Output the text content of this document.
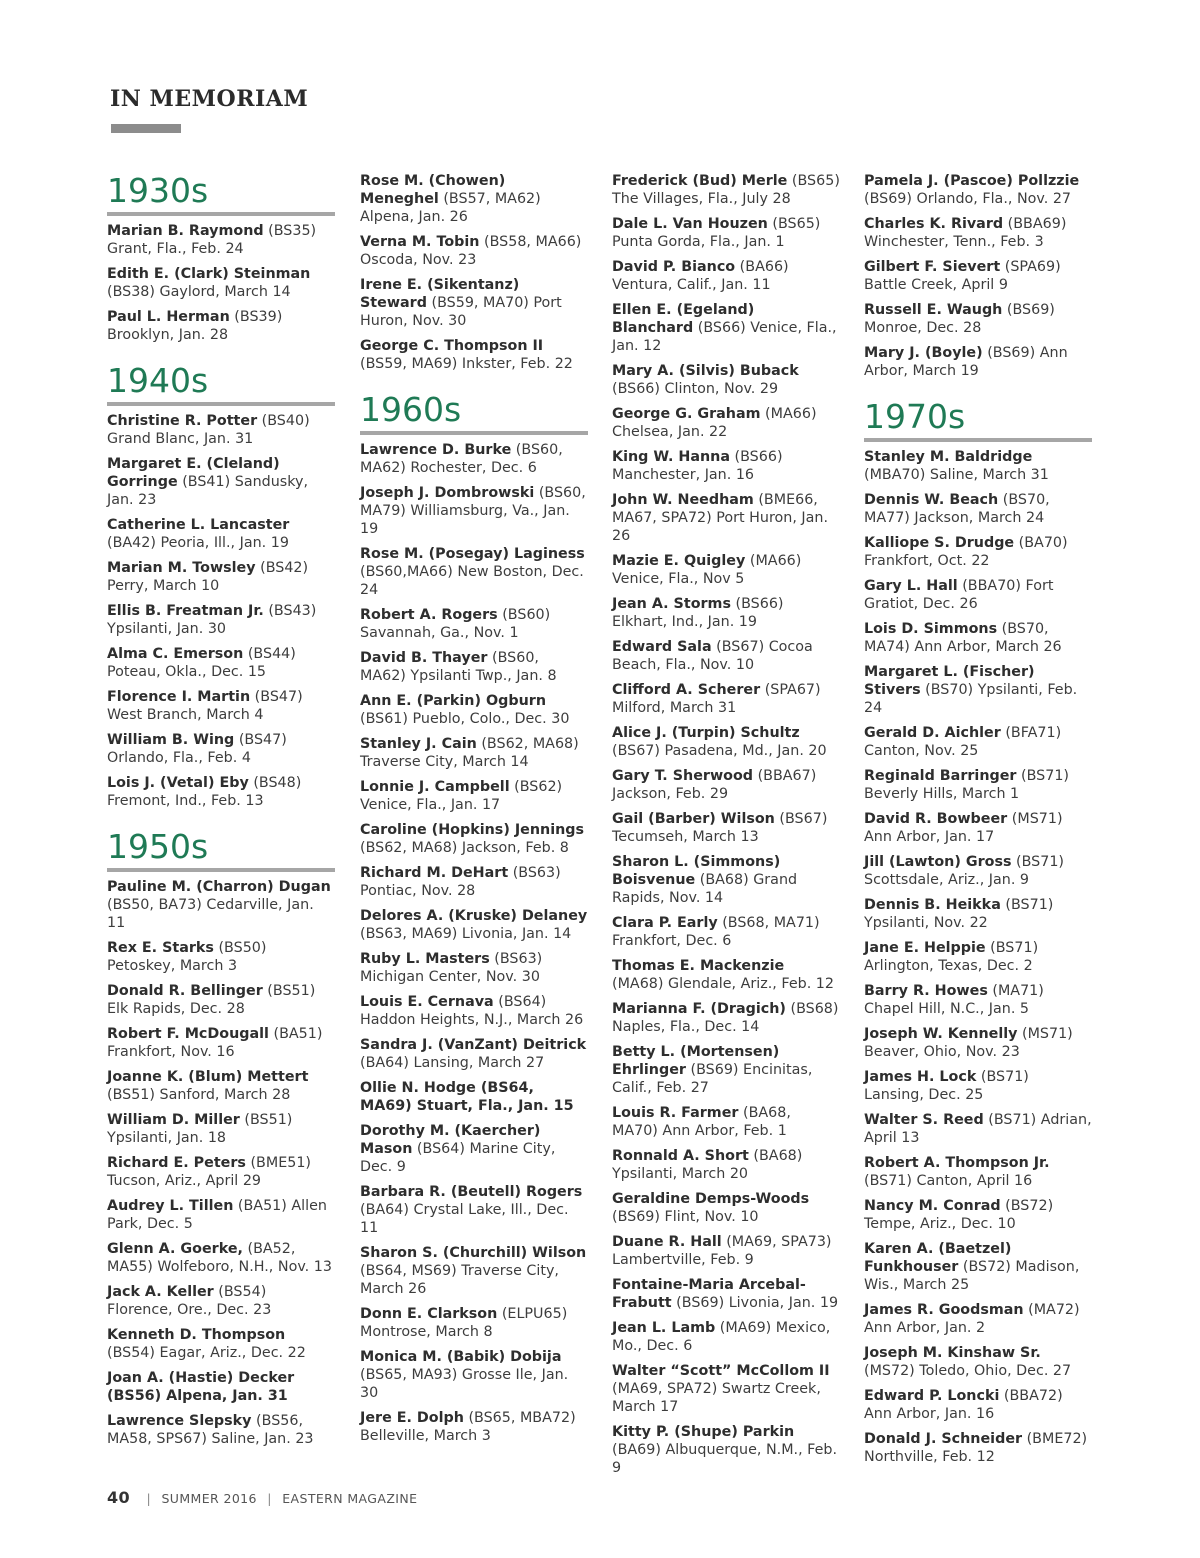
IN MEMORIAM
1930s
Marian B. Raymond (BS35) Grant, Fla., Feb. 24
Edith E. (Clark) Steinman (BS38) Gaylord, March 14
Paul L. Herman (BS39) Brooklyn, Jan. 28
1940s
Christine R. Potter (BS40) Grand Blanc, Jan. 31
Margaret E. (Cleland) Gorringe (BS41) Sandusky, Jan. 23
Catherine L. Lancaster (BA42) Peoria, Ill., Jan. 19
Marian M. Towsley (BS42) Perry, March 10
Ellis B. Freatman Jr. (BS43) Ypsilanti, Jan. 30
Alma C. Emerson (BS44) Poteau, Okla., Dec. 15
Florence I. Martin (BS47) West Branch, March 4
William B. Wing (BS47) Orlando, Fla., Feb. 4
Lois J. (Vetal) Eby (BS48) Fremont, Ind., Feb. 13
1950s
Pauline M. (Charron) Dugan (BS50, BA73) Cedarville, Jan. 11
Rex E. Starks (BS50) Petoskey, March 3
Donald R. Bellinger (BS51) Elk Rapids, Dec. 28
Robert F. McDougall (BA51) Frankfort, Nov. 16
Joanne K. (Blum) Mettert (BS51) Sanford, March 28
William D. Miller (BS51) Ypsilanti, Jan. 18
Richard E. Peters (BME51) Tucson, Ariz., April 29
Audrey L. Tillen (BA51) Allen Park, Dec. 5
Glenn A. Goerke, (BA52, MA55) Wolfeboro, N.H., Nov. 13
Jack A. Keller (BS54) Florence, Ore., Dec. 23
Kenneth D. Thompson (BS54) Eagar, Ariz., Dec. 22
Joan A. (Hastie) Decker (BS56) Alpena, Jan. 31
Lawrence Slepsky (BS56, MA58, SPS67) Saline, Jan. 23
Rose M. (Chowen) Meneghel (BS57, MA62) Alpena, Jan. 26
Verna M. Tobin (BS58, MA66) Oscoda, Nov. 23
Irene E. (Sikentanz) Steward (BS59, MA70) Port Huron, Nov. 30
George C. Thompson II (BS59, MA69) Inkster, Feb. 22
1960s
Lawrence D. Burke (BS60, MA62) Rochester, Dec. 6
Joseph J. Dombrowski (BS60, MA79) Williamsburg, Va., Jan. 19
Rose M. (Posegay) Laginess (BS60,MA66) New Boston, Dec. 24
Robert A. Rogers (BS60) Savannah, Ga., Nov. 1
David B. Thayer (BS60, MA62) Ypsilanti Twp., Jan. 8
Ann E. (Parkin) Ogburn (BS61) Pueblo, Colo., Dec. 30
Stanley J. Cain (BS62, MA68) Traverse City, March 14
Lonnie J. Campbell (BS62) Venice, Fla., Jan. 17
Caroline (Hopkins) Jennings (BS62, MA68) Jackson, Feb. 8
Richard M. DeHart (BS63) Pontiac, Nov. 28
Delores A. (Kruske) Delaney (BS63, MA69) Livonia, Jan. 14
Ruby L. Masters (BS63) Michigan Center, Nov. 30
Louis E. Cernava (BS64) Haddon Heights, N.J., March 26
Sandra J. (VanZant) Deitrick (BA64) Lansing, March 27
Ollie N. Hodge (BS64, MA69) Stuart, Fla., Jan. 15
Dorothy M. (Kaercher) Mason (BS64) Marine City, Dec. 9
Barbara R. (Beutell) Rogers (BA64) Crystal Lake, Ill., Dec. 11
Sharon S. (Churchill) Wilson (BS64, MS69) Traverse City, March 26
Donn E. Clarkson (ELPU65) Montrose, March 8
Monica M. (Babik) Dobija (BS65, MA93) Grosse Ile, Jan. 30
Jere E. Dolph (BS65, MBA72) Belleville, March 3
Frederick (Bud) Merle (BS65) The Villages, Fla., July 28
Dale L. Van Houzen (BS65) Punta Gorda, Fla., Jan. 1
David P. Bianco (BA66) Ventura, Calif., Jan. 11
Ellen E. (Egeland) Blanchard (BS66) Venice, Fla., Jan. 12
Mary A. (Silvis) Buback (BS66) Clinton, Nov. 29
George G. Graham (MA66) Chelsea, Jan. 22
King W. Hanna (BS66) Manchester, Jan. 16
John W. Needham (BME66, MA67, SPA72) Port Huron, Jan. 26
Mazie E. Quigley (MA66) Venice, Fla., Nov 5
Jean A. Storms (BS66) Elkhart, Ind., Jan. 19
Edward Sala (BS67) Cocoa Beach, Fla., Nov. 10
Clifford A. Scherer (SPA67) Milford, March 31
Alice J. (Turpin) Schultz (BS67) Pasadena, Md., Jan. 20
Gary T. Sherwood (BBA67) Jackson, Feb. 29
Gail (Barber) Wilson (BS67) Tecumseh, March 13
Sharon L. (Simmons) Boisvenue (BA68) Grand Rapids, Nov. 14
Clara P. Early (BS68, MA71) Frankfort, Dec. 6
Thomas E. Mackenzie (MA68) Glendale, Ariz., Feb. 12
Marianna F. (Dragich) (BS68) Naples, Fla., Dec. 14
Betty L. (Mortensen) Ehrlinger (BS69) Encinitas, Calif., Feb. 27
Louis R. Farmer (BA68, MA70) Ann Arbor, Feb. 1
Ronnald A. Short (BA68) Ypsilanti, March 20
Geraldine Demps-Woods (BS69) Flint, Nov. 10
Duane R. Hall (MA69, SPA73) Lambertville, Feb. 9
Fontaine-Maria Arcebal-Frabutt (BS69) Livonia, Jan. 19
Jean L. Lamb (MA69) Mexico, Mo., Dec. 6
Walter “Scott” McCollom II (MA69, SPA72) Swartz Creek, March 17
Kitty P. (Shupe) Parkin (BA69) Albuquerque, N.M., Feb. 9
Pamela J. (Pascoe) Pollzzie (BS69) Orlando, Fla., Nov. 27
Charles K. Rivard (BBA69) Winchester, Tenn., Feb. 3
Gilbert F. Sievert (SPA69) Battle Creek, April 9
Russell E. Waugh (BS69) Monroe, Dec. 28
Mary J. (Boyle) (BS69) Ann Arbor, March 19
1970s
Stanley M. Baldridge (MBA70) Saline, March 31
Dennis W. Beach (BS70, MA77) Jackson, March 24
Kalliope S. Drudge (BA70) Frankfort, Oct. 22
Gary L. Hall (BBA70) Fort Gratiot, Dec. 26
Lois D. Simmons (BS70, MA74) Ann Arbor, March 26
Margaret L. (Fischer) Stivers (BS70) Ypsilanti, Feb. 24
Gerald D. Aichler (BFA71) Canton, Nov. 25
Reginald Barringer (BS71) Beverly Hills, March 1
David R. Bowbeer (MS71) Ann Arbor, Jan. 17
Jill (Lawton) Gross (BS71) Scottsdale, Ariz., Jan. 9
Dennis B. Heikka (BS71) Ypsilanti, Nov. 22
Jane E. Helppie (BS71) Arlington, Texas, Dec. 2
Barry R. Howes (MA71) Chapel Hill, N.C., Jan. 5
Joseph W. Kennelly (MS71) Beaver, Ohio, Nov. 23
James H. Lock (BS71) Lansing, Dec. 25
Walter S. Reed (BS71) Adrian, April 13
Robert A. Thompson Jr. (BS71) Canton, April 16
Nancy M. Conrad (BS72) Tempe, Ariz., Dec. 10
Karen A. (Baetzel) Funkhouser (BS72) Madison, Wis., March 25
James R. Goodsman (MA72) Ann Arbor, Jan. 2
Joseph M. Kinshaw Sr. (MS72) Toledo, Ohio, Dec. 27
Edward P. Loncki (BBA72) Ann Arbor, Jan. 16
Donald J. Schneider (BME72) Northville, Feb. 12
40 | SUMMER 2016 | EASTERN MAGAZINE
